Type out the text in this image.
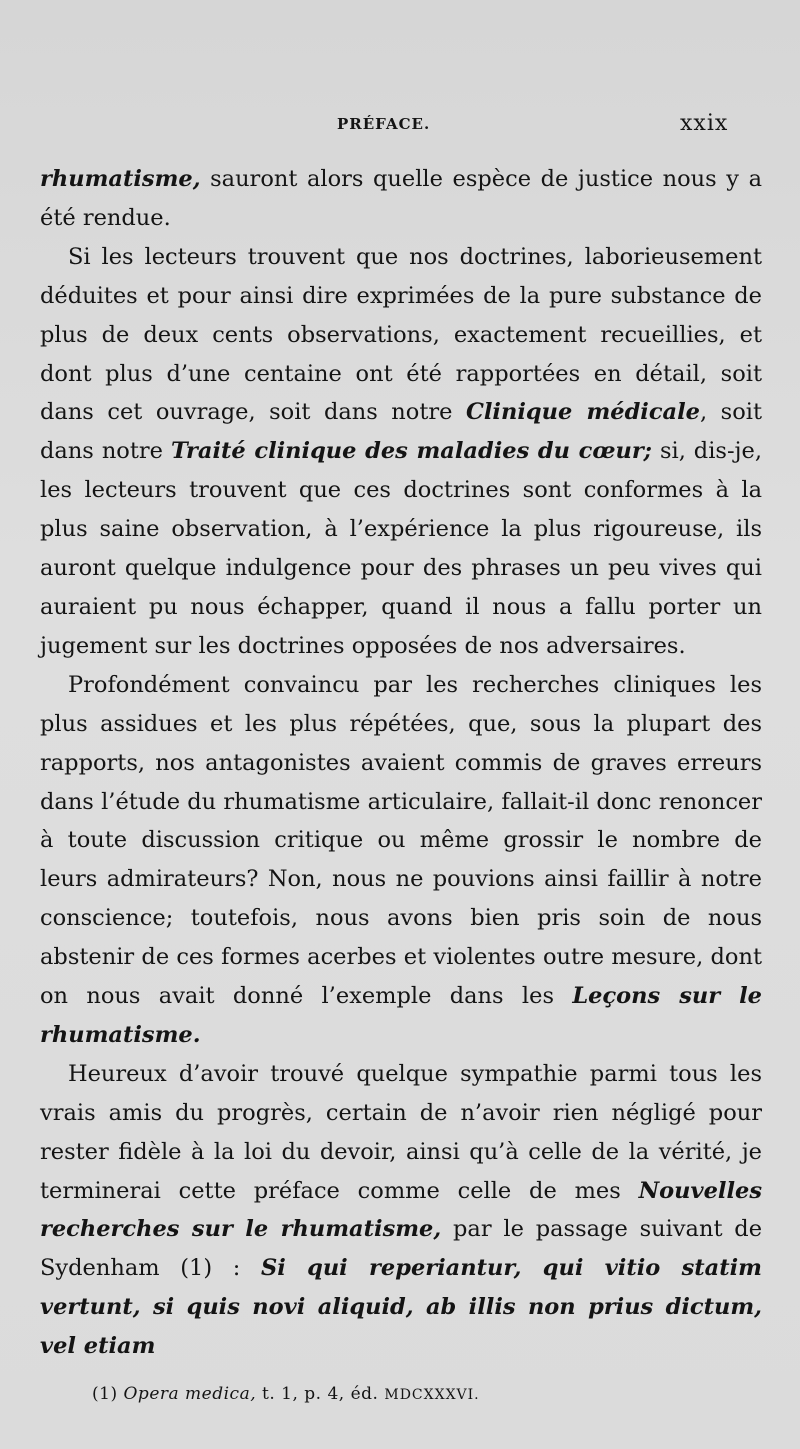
PRÉFACE.	xxix

rhumatisme, sauront alors quelle espèce de justice nous y a été rendue.

Si les lecteurs trouvent que nos doctrines, laborieusement déduites et pour ainsi dire exprimées de la pure substance de plus de deux cents observations, exactement recueillies, et dont plus d’une centaine ont été rapportées en détail, soit dans cet ouvrage, soit dans notre Clinique médicale, soit dans notre Traité clinique des maladies du cœur; si, dis-je, les lecteurs trouvent que ces doctrines sont conformes à la plus saine observation, à l’expérience la plus rigoureuse, ils auront quelque indulgence pour des phrases un peu vives qui auraient pu nous échapper, quand il nous a fallu porter un jugement sur les doctrines opposées de nos adversaires.

Profondément convaincu par les recherches cliniques les plus assidues et les plus répétées, que, sous la plupart des rapports, nos antagonistes avaient commis de graves erreurs dans l’étude du rhumatisme articulaire, fallait-il donc renoncer à toute discussion critique ou même grossir le nombre de leurs admirateurs? Non, nous ne pouvions ainsi faillir à notre conscience; toutefois, nous avons bien pris soin de nous abstenir de ces formes acerbes et violentes outre mesure, dont on nous avait donné l’exemple dans les Leçons sur le rhumatisme.

Heureux d’avoir trouvé quelque sympathie parmi tous les vrais amis du progrès, certain de n’avoir rien négligé pour rester fidèle à la loi du devoir, ainsi qu’à celle de la vérité, je terminerai cette préface comme celle de mes Nouvelles recherches sur le rhumatisme, par le passage suivant de Sydenham (1) : Si qui reperiantur, qui vitio statim vertunt, si quis novi aliquid, ab illis non prius dictum, vel etiam

(1) Opera medica, t. 1, p. 4, éd. MDCXXXVI.
